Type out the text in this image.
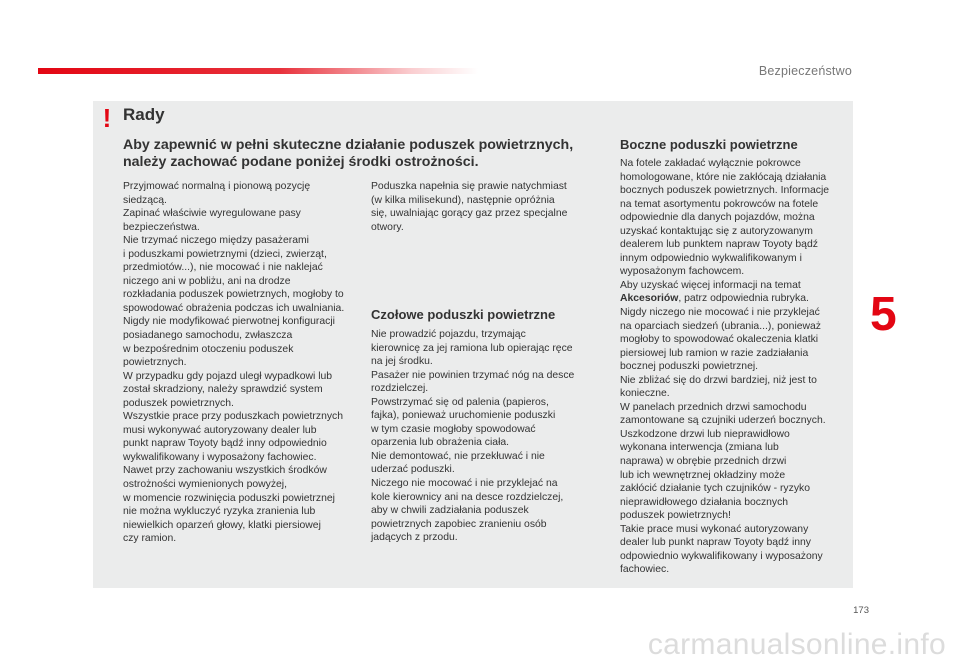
Bezpieczeństwo
! Rady
Aby zapewnić w pełni skuteczne działanie poduszek powietrznych,
należy zachować podane poniżej środki ostrożności.

Przyjmować normalną i pionową pozycję

siedzącą.

Zapinać właściwie wyregulowane pasy

bezpieczeństwa.

Nie trzymać niczego między pasażerami

i poduszkami powietrznymi (dzieci, zwierząt,

przedmiotów...), nie mocować i nie naklejać

niczego ani w pobliżu, ani na drodze

rozkładania poduszek powietrznych, mogłoby to

spowodować obrażenia podczas ich uwalniania.

Nigdy nie modyfikować pierwotnej konfiguracji

posiadanego samochodu, zwłaszcza

w bezpośrednim otoczeniu poduszek

powietrznych.

W przypadku gdy pojazd uległ wypadkowi lub

został skradziony, należy sprawdzić system

poduszek powietrznych.

Wszystkie prace przy poduszkach powietrznych

musi wykonywać autoryzowany dealer lub

punkt napraw Toyoty bądź inny odpowiednio

wykwalifikowany i wyposażony fachowiec.

Nawet przy zachowaniu wszystkich środków

ostrożności wymienionych powyżej,

w momencie rozwinięcia poduszki powietrznej

nie można wykluczyć ryzyka zranienia lub

niewielkich oparzeń głowy, klatki piersiowej

czy ramion.

Poduszka napełnia się prawie natychmiast

(w kilka milisekund), następnie opróżnia

się, uwalniając gorący gaz przez specjalne

otwory.

Czołowe poduszki powietrzne

Nie prowadzić pojazdu, trzymając

kierownicę za jej ramiona lub opierając ręce

na jej środku.

Pasażer nie powinien trzymać nóg na desce

rozdzielczej.

Powstrzymać się od palenia (papieros,

fajka), ponieważ uruchomienie poduszki

w tym czasie mogłoby spowodować

oparzenia lub obrażenia ciała.

Nie demontować, nie przekłuwać i nie

uderzać poduszki.

Niczego nie mocować i nie przyklejać na

kole kierownicy ani na desce rozdzielczej,

aby w chwili zadziałania poduszek

powietrznych zapobiec zranieniu osób

jadących z przodu.

Boczne poduszki powietrzne

Na fotele zakładać wyłącznie pokrowce

homologowane, które nie zakłócają działania

bocznych poduszek powietrznych. Informacje

na temat asortymentu pokrowców na fotele

odpowiednie dla danych pojazdów, można

uzyskać kontaktując się z autoryzowanym

dealerem lub punktem napraw Toyoty bądź

innym odpowiednio wykwalifikowanym i

wyposażonym fachowcem.

Aby uzyskać więcej informacji na temat

Akcesoriów, patrz odpowiednia rubryka.

Nigdy niczego nie mocować i nie przyklejać

na oparciach siedzeń (ubrania...), ponieważ

mogłoby to spowodować okaleczenia klatki

piersiowej lub ramion w razie zadziałania

bocznej poduszki powietrznej.

Nie zbliżać się do drzwi bardziej, niż jest to

konieczne.

W panelach przednich drzwi samochodu

zamontowane są czujniki uderzeń bocznych.

Uszkodzone drzwi lub nieprawidłowo

wykonana interwencja (zmiana lub

naprawa) w obrębie przednich drzwi

lub ich wewnętrznej okładziny może

zakłócić działanie tych czujników - ryzyko

nieprawidłowego działania bocznych

poduszek powietrznych!

Takie prace musi wykonać autoryzowany

dealer lub punkt napraw Toyoty bądź inny

odpowiednio wykwalifikowany i wyposażony

fachowiec.

5
173
carmanualsonline.info
